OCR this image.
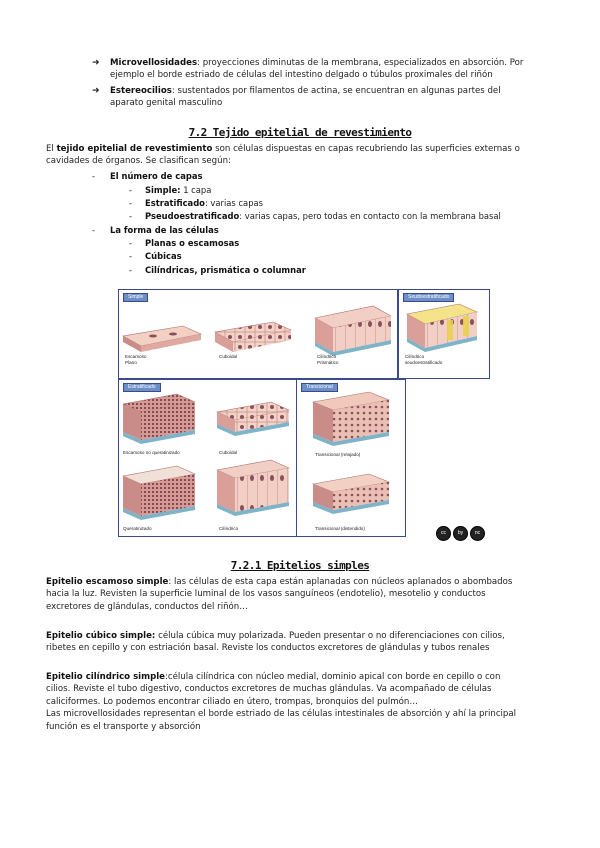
➜ Microvellosidades: proyecciones diminutas de la membrana, especializados en absorción. Por
ejemplo el borde estriado de células del intestino delgado o túbulos proximales del riñón
➜ Estereocilios: sustentados por filamentos de actina, se encuentran en algunas partes del
aparato genital masculino
7.2 Tejido epitelial de revestimiento
El tejido epitelial de revestimiento son células dispuestas en capas recubriendo las superficies externas o
cavidades de órganos. Se clasifican según:
- El número de capas
- Simple: 1 capa
- Estratificado: varias capas
- Pseudoestratificado: varias capas, pero todas en contacto con la membrana basal
- La forma de las células
- Planas o escamosas
- Cúbicas
- Cilíndricas, prismática o columnar
Simple
Escamoso
Plano
Cuboidal	Cilíndrico
Prismático
Seudoestratificado
Cilíndrico
seudoestratificado
Estratificado
Escamoso no queratinizado	Cuboidal
Queratinizado	Cilíndrico
Transicional
Transicional (relajado)
Transicional (distendido)
cc by nc
7.2.1 Epitelios simples
Epitelio escamoso simple: las células de esta capa están aplanadas con núcleos aplanados o abombados
hacia la luz. Revisten la superficie luminal de los vasos sanguíneos (endotelio), mesotelio y conductos
excretores de glándulas, conductos del riñón…
Epitelio cúbico simple: célula cúbica muy polarizada. Pueden presentar o no diferenciaciones con cilios,
ribetes en cepillo y con estriación basal. Reviste los conductos excretores de glándulas y tubos renales
Epitelio cilíndrico simple:célula cilíndrica con núcleo medial, dominio apical con borde en cepillo o con
cilios. Reviste el tubo digestivo, conductos excretores de muchas glándulas. Va acompañado de células
caliciformes. Lo podemos encontrar ciliado en útero, trompas, bronquios del pulmón…
Las microvellosidades representan el borde estriado de las células intestinales de absorción y ahí la principal
función es el transporte y absorción
